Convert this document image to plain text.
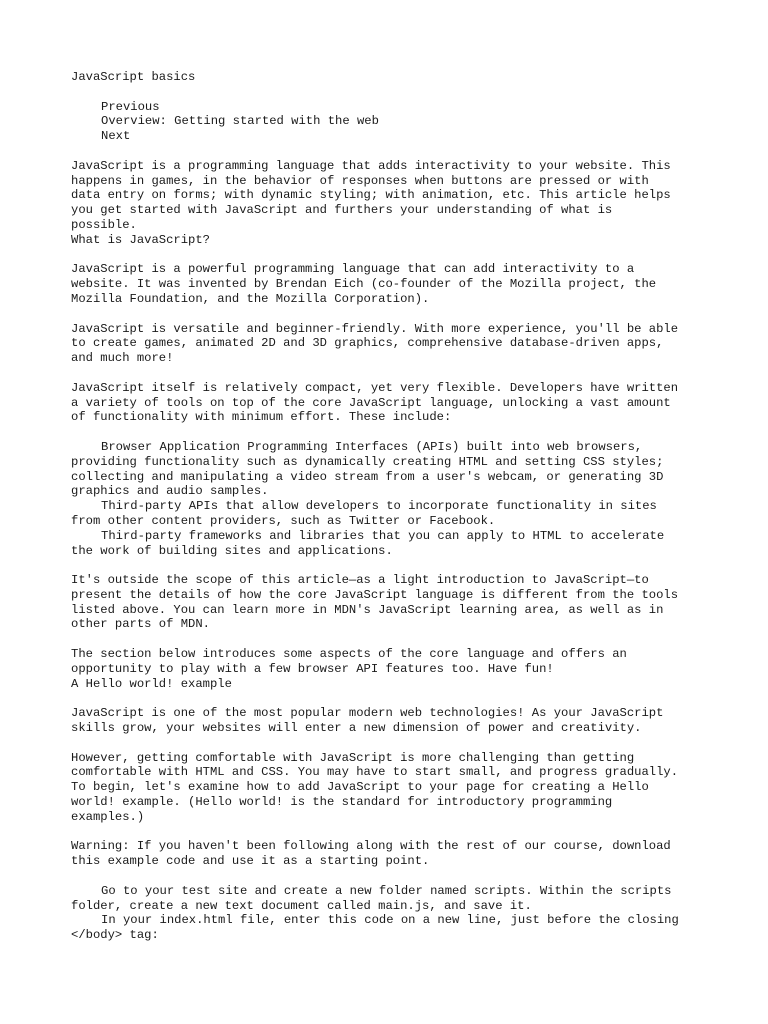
JavaScript basics

Previous

Overview: Getting started with the web

Next

JavaScript is a programming language that adds interactivity to your website. This

happens in games, in the behavior of responses when buttons are pressed or with

data entry on forms; with dynamic styling; with animation, etc. This article helps

you get started with JavaScript and furthers your understanding of what is

possible.

What is JavaScript?

JavaScript is a powerful programming language that can add interactivity to a

website. It was invented by Brendan Eich (co-founder of the Mozilla project, the

Mozilla Foundation, and the Mozilla Corporation).

JavaScript is versatile and beginner-friendly. With more experience, you'll be able

to create games, animated 2D and 3D graphics, comprehensive database-driven apps,

and much more!

JavaScript itself is relatively compact, yet very flexible. Developers have written

a variety of tools on top of the core JavaScript language, unlocking a vast amount

of functionality with minimum effort. These include:

Browser Application Programming Interfaces (APIs) built into web browsers,

providing functionality such as dynamically creating HTML and setting CSS styles;

collecting and manipulating a video stream from a user's webcam, or generating 3D

graphics and audio samples.

Third-party APIs that allow developers to incorporate functionality in sites

from other content providers, such as Twitter or Facebook.

Third-party frameworks and libraries that you can apply to HTML to accelerate

the work of building sites and applications.

It's outside the scope of this article—as a light introduction to JavaScript—to

present the details of how the core JavaScript language is different from the tools

listed above. You can learn more in MDN's JavaScript learning area, as well as in

other parts of MDN.

The section below introduces some aspects of the core language and offers an

opportunity to play with a few browser API features too. Have fun!

A Hello world! example

JavaScript is one of the most popular modern web technologies! As your JavaScript

skills grow, your websites will enter a new dimension of power and creativity.

However, getting comfortable with JavaScript is more challenging than getting

comfortable with HTML and CSS. You may have to start small, and progress gradually.

To begin, let's examine how to add JavaScript to your page for creating a Hello

world! example. (Hello world! is the standard for introductory programming

examples.)

Warning: If you haven't been following along with the rest of our course, download

this example code and use it as a starting point.

Go to your test site and create a new folder named scripts. Within the scripts

folder, create a new text document called main.js, and save it.

In your index.html file, enter this code on a new line, just before the closing

</body> tag:
